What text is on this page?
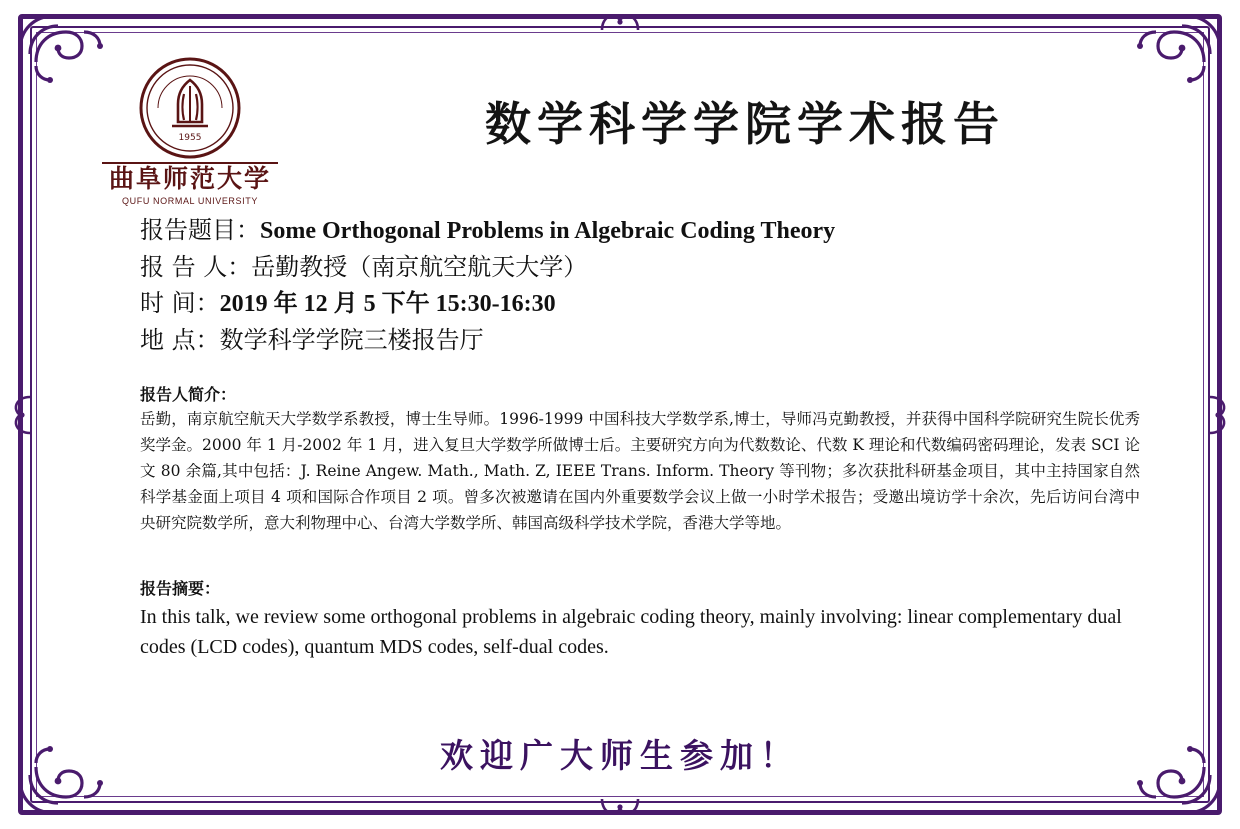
1955
曲阜师范大学
QUFU NORMAL UNIVERSITY
数学科学学院学术报告
报告题目： Some Orthogonal Problems in Algebraic Coding Theory
报 告 人： 岳勤教授（南京航空航天大学）
时 间： 2019 年 12 月 5 下午 15:30-16:30
地 点： 数学科学学院三楼报告厅
报告人简介：
岳勤，南京航空航天大学数学系教授，博士生导师。1996-1999 中国科技大学数学系,博士，导师冯克勤教授，并获得中国科学院研究生院长优秀奖学金。2000 年 1 月-2002 年 1 月，进入复旦大学数学所做博士后。主要研究方向为代数数论、代数 K 理论和代数编码密码理论，发表 SCI 论文 80 余篇,其中包括：J. Reine Angew. Math., Math. Z, IEEE Trans. Inform. Theory 等刊物；多次获批科研基金项目，其中主持国家自然科学基金面上项目 4 项和国际合作项目 2 项。曾多次被邀请在国内外重要数学会议上做一小时学术报告；受邀出境访学十余次，先后访问台湾中央研究院数学所，意大利物理中心、台湾大学数学所、韩国高级科学技术学院，香港大学等地。
报告摘要：
In this talk, we review some orthogonal problems in algebraic coding theory, mainly involving: linear complementary dual codes (LCD codes), quantum MDS codes, self-dual codes.
欢迎广大师生参加！
